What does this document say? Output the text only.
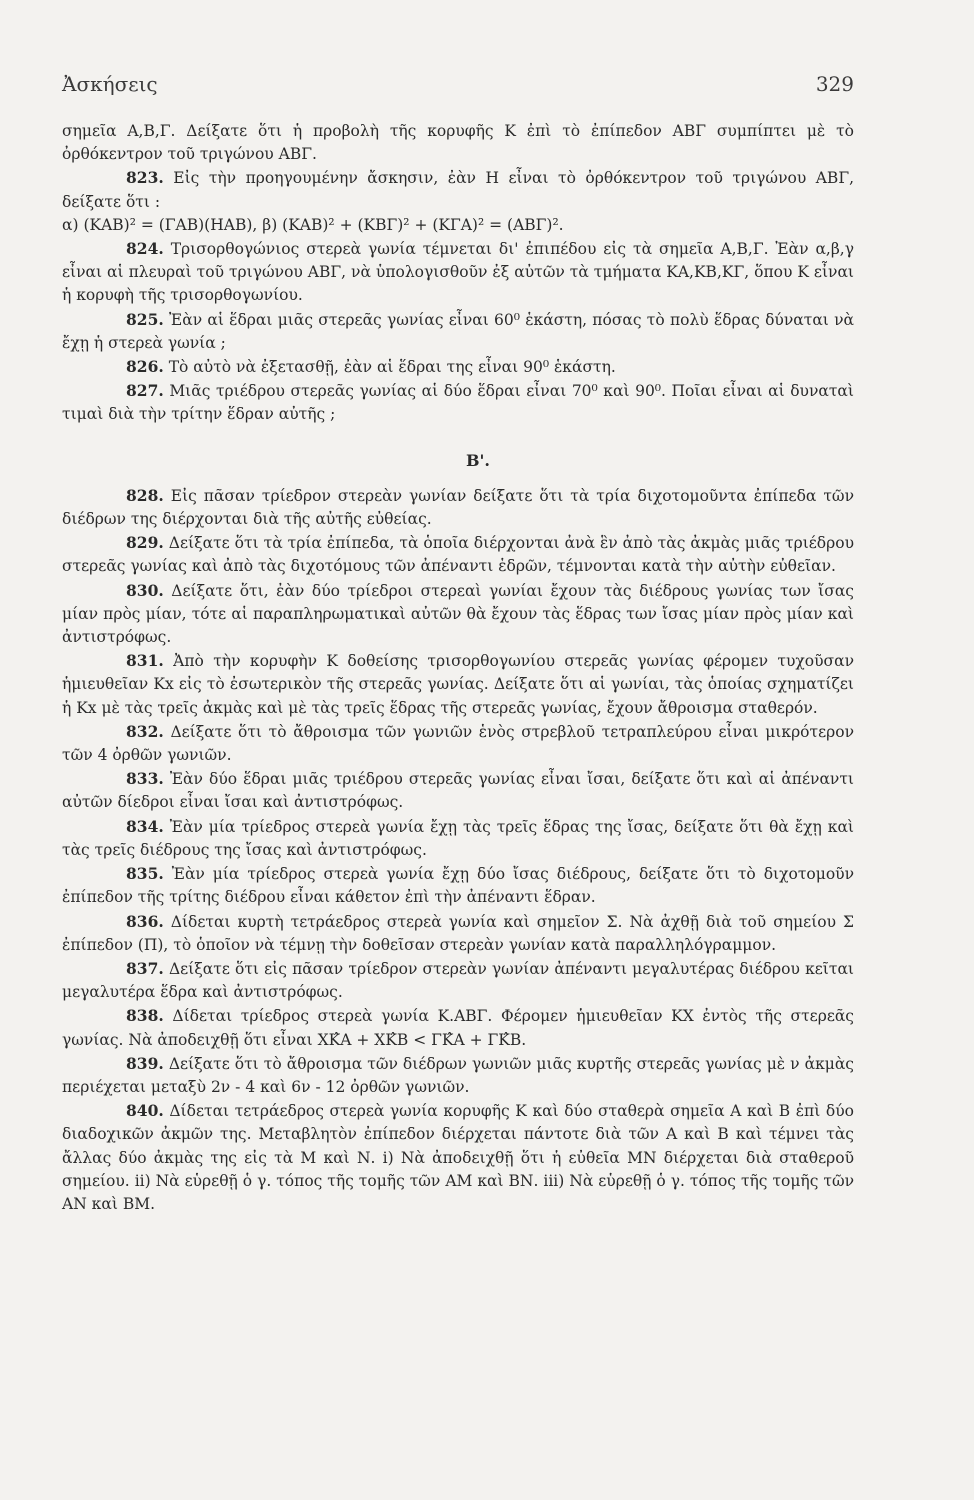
Ἀσκήσεις	329

σημεῖα Α,Β,Γ. Δείξατε ὅτι ἡ προβολὴ τῆς κορυφῆς Κ ἐπὶ τὸ ἐπίπεδον ΑΒΓ συμπίπτει μὲ τὸ ὀρθόκεντρον τοῦ τριγώνου ΑΒΓ.

823. Εἰς τὴν προηγουμένην ἄσκησιν, ἐὰν Η εἶναι τὸ ὀρθόκεντρον τοῦ τριγώνου ΑΒΓ, δείξατε ὅτι :

α) (ΚΑΒ)² = (ΓΑΒ)(ΗΑΒ), β) (ΚΑΒ)² + (ΚΒΓ)² + (ΚΓΑ)² = (ΑΒΓ)².

824. Τρισορθογώνιος στερεὰ γωνία τέμνεται δι' ἐπιπέδου εἰς τὰ σημεῖα Α,Β,Γ. Ἐὰν α,β,γ εἶναι αἱ πλευραὶ τοῦ τριγώνου ΑΒΓ, νὰ ὑπολογισθοῦν ἐξ αὐτῶν τὰ τμήματα ΚΑ,ΚΒ,ΚΓ, ὅπου Κ εἶναι ἡ κορυφὴ τῆς τρισορθογωνίου.

825. Ἐὰν αἱ ἕδραι μιᾶς στερεᾶς γωνίας εἶναι 60⁰ ἑκάστη, πόσας τὸ πολὺ ἕδρας δύναται νὰ ἔχῃ ἡ στερεὰ γωνία ;

826. Τὸ αὐτὸ νὰ ἐξετασθῇ, ἐὰν αἱ ἕδραι της εἶναι 90⁰ ἑκάστη.

827. Μιᾶς τριέδρου στερεᾶς γωνίας αἱ δύο ἕδραι εἶναι 70⁰ καὶ 90⁰. Ποῖαι εἶναι αἱ δυναταὶ τιμαὶ διὰ τὴν τρίτην ἕδραν αὐτῆς ;

Β'.

828. Εἰς πᾶσαν τρίεδρον στερεὰν γωνίαν δείξατε ὅτι τὰ τρία διχοτομοῦντα ἐπίπεδα τῶν διέδρων της διέρχονται διὰ τῆς αὐτῆς εὐθείας.

829. Δείξατε ὅτι τὰ τρία ἐπίπεδα, τὰ ὁποῖα διέρχονται ἀνὰ ἓν ἀπὸ τὰς ἀκμὰς μιᾶς τριέδρου στερεᾶς γωνίας καὶ ἀπὸ τὰς διχοτόμους τῶν ἀπέναντι ἑδρῶν, τέμνονται κατὰ τὴν αὐτὴν εὐθεῖαν.

830. Δείξατε ὅτι, ἐὰν δύο τρίεδροι στερεαὶ γωνίαι ἔχουν τὰς διέδρους γωνίας των ἴσας μίαν πρὸς μίαν, τότε αἱ παραπληρωματικαὶ αὐτῶν θὰ ἔχουν τὰς ἕδρας των ἴσας μίαν πρὸς μίαν καὶ ἀντιστρόφως.

831. Ἀπὸ τὴν κορυφὴν Κ δοθείσης τρισορθογωνίου στερεᾶς γωνίας φέρομεν τυχοῦσαν ἡμιευθεῖαν Κx εἰς τὸ ἐσωτερικὸν τῆς στερεᾶς γωνίας. Δείξατε ὅτι αἱ γωνίαι, τὰς ὁποίας σχηματίζει ἡ Κx μὲ τὰς τρεῖς ἀκμὰς καὶ μὲ τὰς τρεῖς ἕδρας τῆς στερεᾶς γωνίας, ἔχουν ἄθροισμα σταθερόν.

832. Δείξατε ὅτι τὸ ἄθροισμα τῶν γωνιῶν ἑνὸς στρεβλοῦ τετραπλεύρου εἶναι μικρότερον τῶν 4 ὀρθῶν γωνιῶν.

833. Ἐὰν δύο ἕδραι μιᾶς τριέδρου στερεᾶς γωνίας εἶναι ἴσαι, δείξατε ὅτι καὶ αἱ ἀπέναντι αὐτῶν δίεδροι εἶναι ἴσαι καὶ ἀντιστρόφως.

834. Ἐὰν μία τρίεδρος στερεὰ γωνία ἔχῃ τὰς τρεῖς ἕδρας της ἴσας, δείξατε ὅτι θὰ ἔχῃ καὶ τὰς τρεῖς διέδρους της ἴσας καὶ ἀντιστρόφως.

835. Ἐὰν μία τρίεδρος στερεὰ γωνία ἔχῃ δύο ἴσας διέδρους, δείξατε ὅτι τὸ διχοτομοῦν ἐπίπεδον τῆς τρίτης διέδρου εἶναι κάθετον ἐπὶ τὴν ἀπέναντι ἕδραν.

836. Δίδεται κυρτὴ τετράεδρος στερεὰ γωνία καὶ σημεῖον Σ. Νὰ ἀχθῇ διὰ τοῦ σημείου Σ ἐπίπεδον (Π), τὸ ὁποῖον νὰ τέμνῃ τὴν δοθεῖσαν στερεὰν γωνίαν κατὰ παραλληλόγραμμον.

837. Δείξατε ὅτι εἰς πᾶσαν τρίεδρον στερεὰν γωνίαν ἀπέναντι μεγαλυτέρας διέδρου κεῖται μεγαλυτέρα ἕδρα καὶ ἀντιστρόφως.

838. Δίδεται τρίεδρος στερεὰ γωνία Κ.ΑΒΓ. Φέρομεν ἡμιευθεῖαν ΚΧ ἐντὸς τῆς στερεᾶς γωνίας. Νὰ ἀποδειχθῇ ὅτι εἶναι ΧΚ̂Α + ΧΚ̂Β < ΓΚ̂Α + ΓΚ̂Β.

839. Δείξατε ὅτι τὸ ἄθροισμα τῶν διέδρων γωνιῶν μιᾶς κυρτῆς στερεᾶς γωνίας μὲ ν ἀκμὰς περιέχεται μεταξὺ 2ν - 4 καὶ 6ν - 12 ὀρθῶν γωνιῶν.

840. Δίδεται τετράεδρος στερεὰ γωνία κορυφῆς Κ καὶ δύο σταθερὰ σημεῖα Α καὶ Β ἐπὶ δύο διαδοχικῶν ἀκμῶν της. Μεταβλητὸν ἐπίπεδον διέρχεται πάντοτε διὰ τῶν Α καὶ Β καὶ τέμνει τὰς ἄλλας δύο ἀκμὰς της εἰς τὰ Μ καὶ Ν. i) Νὰ ἀποδειχθῇ ὅτι ἡ εὐθεῖα ΜΝ διέρχεται διὰ σταθεροῦ σημείου. ii) Νὰ εὑρεθῇ ὁ γ. τόπος τῆς τομῆς τῶν ΑΜ καὶ ΒΝ. iii) Νὰ εὑρεθῇ ὁ γ. τόπος τῆς τομῆς τῶν ΑΝ καὶ ΒΜ.
